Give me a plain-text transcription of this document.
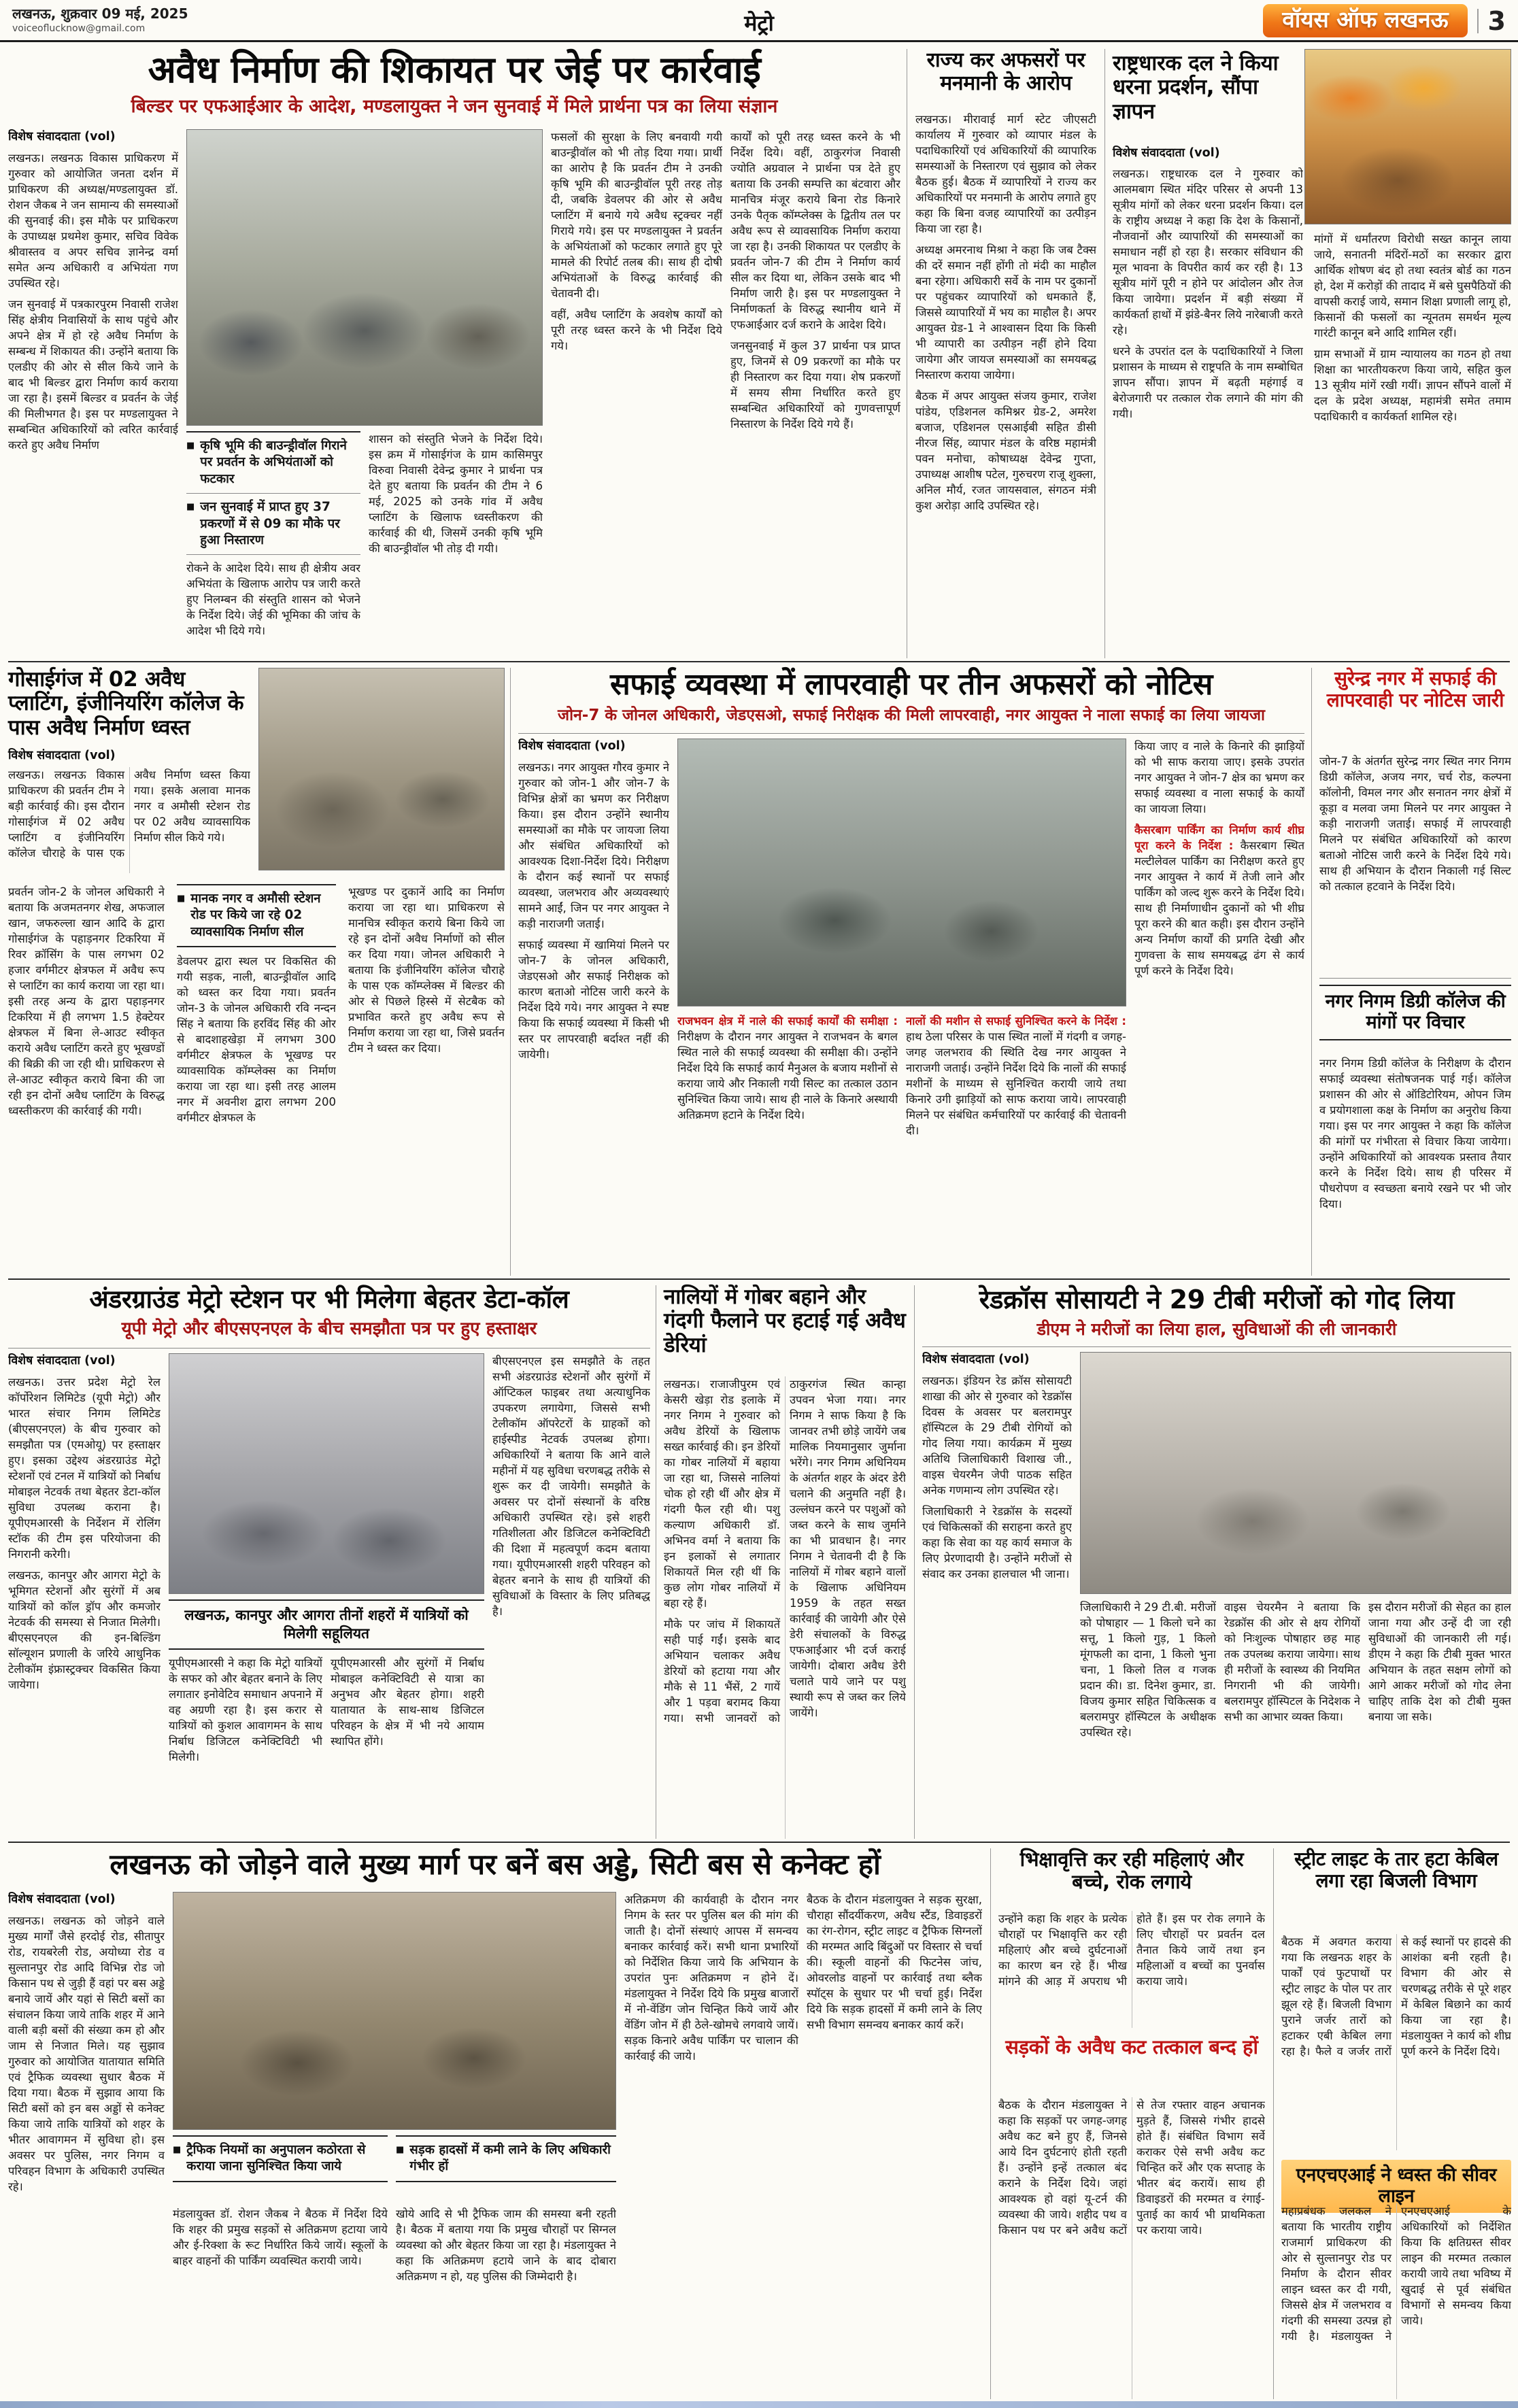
लखनऊ, शुक्रवार 09 मई, 2025
voiceoflucknow@gmail.com	मेट्रो	वॉयस ऑफ लखनऊ	3
अवैध निर्माण की शिकायत पर जेई पर कार्रवाई
बिल्डर पर एफआईआर के आदेश, मण्डलायुक्त ने जन सुनवाई में मिले प्रार्थना पत्र का लिया संज्ञान

विशेष संवाददाता (vol)

लखनऊ। लखनऊ विकास प्राधिकरण में गुरुवार को आयोजित जनता दर्शन में प्राधिकरण की अध्यक्ष/मण्डलायुक्त डॉ. रोशन जैकब ने जन सामान्य की समस्याओं की सुनवाई की। इस मौके पर प्राधिकरण के उपाध्यक्ष प्रथमेश कुमार, सचिव विवेक श्रीवास्तव व अपर सचिव ज्ञानेन्द्र वर्मा समेत अन्य अधिकारी व अभियंता गण उपस्थित रहे।

जन सुनवाई में पत्रकारपुरम निवासी राजेश सिंह क्षेत्रीय निवासियों के साथ पहुंचे और अपने क्षेत्र में हो रहे अवैध निर्माण के सम्बन्ध में शिकायत की। उन्होंने बताया कि एलडीए की ओर से सील किये जाने के बाद भी बिल्डर द्वारा निर्माण कार्य कराया जा रहा है। इसमें बिल्डर व प्रवर्तन के जेई की मिलीभगत है। इस पर मण्डलायुक्त ने सम्बन्धित अधिकारियों को त्वरित कार्रवाई करते हुए अवैध निर्माण	■ कृषि भूमि की बाउन्ड्रीवॉल गिराने पर प्रवर्तन के अभियंताओं को फटकार
■ जन सुनवाई में प्राप्त हुए 37 प्रकरणों में से 09 का मौके पर हुआ निस्तारण

रोकने के आदेश दिये। साथ ही क्षेत्रीय अवर अभियंता के खिलाफ आरोप पत्र जारी करते हुए निलम्बन की संस्तुति शासन को भेजने के निर्देश दिये। जेई की भूमिका की जांच के आदेश भी दिये गये।

शासन को संस्तुति भेजने के निर्देश दिये। इस क्रम में गोसाईगंज के ग्राम कासिमपुर विरुवा निवासी देवेन्द्र कुमार ने प्रार्थना पत्र देते हुए बताया कि प्रवर्तन की टीम ने 6 मई, 2025 को उनके गांव में अवैध प्लाटिंग के खिलाफ ध्वस्तीकरण की कार्रवाई की थी, जिसमें उनकी कृषि भूमि की बाउन्ड्रीवॉल भी तोड़ दी गयी।

फसलों की सुरक्षा के लिए बनवायी गयी बाउन्ड्रीवॉल को भी तोड़ दिया गया। प्रार्थी का आरोप है कि प्रवर्तन टीम ने उनकी कृषि भूमि की बाउन्ड्रीवॉल पूरी तरह तोड़ दी, जबकि डेवलपर की ओर से अवैध प्लाटिंग में बनाये गये अवैध स्ट्रक्चर नहीं गिराये गये। इस पर मण्डलायुक्त ने प्रवर्तन के अभियंताओं को फटकार लगाते हुए पूरे मामले की रिपोर्ट तलब की। साथ ही दोषी अभियंताओं के विरुद्ध कार्रवाई की चेतावनी दी।

वहीं, अवैध प्लाटिंग के अवशेष कार्यों को पूरी तरह ध्वस्त करने के भी निर्देश दिये गये।

कार्यों को पूरी तरह ध्वस्त करने के भी निर्देश दिये। वहीं, ठाकुरगंज निवासी ज्योति अग्रवाल ने प्रार्थना पत्र देते हुए बताया कि उनकी सम्पत्ति का बंटवारा और मानचित्र मंजूर कराये बिना रोड किनारे उनके पैतृक कॉम्प्लेक्स के द्वितीय तल पर अवैध रूप से व्यावसायिक निर्माण कराया जा रहा है। उनकी शिकायत पर एलडीए के प्रवर्तन जोन-7 की टीम ने निर्माण कार्य सील कर दिया था, लेकिन उसके बाद भी निर्माण जारी है। इस पर मण्डलायुक्त ने निर्माणकर्ता के विरुद्ध स्थानीय थाने में एफआईआर दर्ज कराने के आदेश दिये।

जनसुनवाई में कुल 37 प्रार्थना पत्र प्राप्त हुए, जिनमें से 09 प्रकरणों का मौके पर ही निस्तारण कर दिया गया। शेष प्रकरणों में समय सीमा निर्धारित करते हुए सम्बन्धित अधिकारियों को गुणवत्तापूर्ण निस्तारण के निर्देश दिये गये हैं।

राज्य कर अफसरों पर मनमानी के आरोप

लखनऊ। मीरावाई मार्ग स्टेट जीएसटी कार्यालय में गुरुवार को व्यापार मंडल के पदाधिकारियों एवं अधिकारियों की व्यापारिक समस्याओं के निस्तारण एवं सुझाव को लेकर बैठक हुई। बैठक में व्यापारियों ने राज्य कर अधिकारियों पर मनमानी के आरोप लगाते हुए कहा कि बिना वजह व्यापारियों का उत्पीड़न किया जा रहा है।

अध्यक्ष अमरनाथ मिश्रा ने कहा कि जब टैक्स की दरें समान नहीं होंगी तो मंदी का माहौल बना रहेगा। अधिकारी सर्वे के नाम पर दुकानों पर पहुंचकर व्यापारियों को धमकाते हैं, जिससे व्यापारियों में भय का माहौल है। अपर आयुक्त ग्रेड-1 ने आश्वासन दिया कि किसी भी व्यापारी का उत्पीड़न नहीं होने दिया जायेगा और जायज समस्याओं का समयबद्ध निस्तारण कराया जायेगा।

बैठक में अपर आयुक्त संजय कुमार, राजेश पांडेय, एडिशनल कमिश्नर ग्रेड-2, अमरेश बजाज, एडिशनल एसआईबी सहित डीसी नीरज सिंह, व्यापार मंडल के वरिष्ठ महामंत्री पवन मनोचा, कोषाध्यक्ष देवेन्द्र गुप्ता, उपाध्यक्ष आशीष पटेल, गुरुचरण राजू शुक्ला, अनिल मौर्य, रजत जायसवाल, संगठन मंत्री कुश अरोड़ा आदि उपस्थित रहे।

राष्ट्रधारक दल ने किया धरना प्रदर्शन, सौंपा ज्ञापन
विशेष संवाददाता (vol)

लखनऊ। राष्ट्रधारक दल ने गुरुवार को आलमबाग स्थित मंदिर परिसर से अपनी 13 सूत्रीय मांगों को लेकर धरना प्रदर्शन किया। दल के राष्ट्रीय अध्यक्ष ने कहा कि देश के किसानों, नौजवानों और व्यापारियों की समस्याओं का समाधान नहीं हो रहा है। सरकार संविधान की मूल भावना के विपरीत कार्य कर रही है। 13 सूत्रीय मांगें पूरी न होने पर आंदोलन और तेज किया जायेगा। प्रदर्शन में बड़ी संख्या में कार्यकर्ता हाथों में झंडे-बैनर लिये नारेबाजी करते रहे।

धरने के उपरांत दल के पदाधिकारियों ने जिला प्रशासन के माध्यम से राष्ट्रपति के नाम सम्बोधित ज्ञापन सौंपा। ज्ञापन में बढ़ती महंगाई व बेरोजगारी पर तत्काल रोक लगाने की मांग की गयी।

मांगों में धर्मांतरण विरोधी सख्त कानून लाया जाये, सनातनी मंदिरों-मठों का सरकार द्वारा आर्थिक शोषण बंद हो तथा स्वतंत्र बोर्ड का गठन हो, देश में करोड़ों की तादाद में बसे घुसपैठियों की वापसी कराई जाये, समान शिक्षा प्रणाली लागू हो, किसानों की फसलों का न्यूनतम समर्थन मूल्य गारंटी कानून बने आदि शामिल रहीं।

ग्राम सभाओं में ग्राम न्यायालय का गठन हो तथा शिक्षा का भारतीयकरण किया जाये, सहित कुल 13 सूत्रीय मांगें रखी गयीं। ज्ञापन सौंपने वालों में दल के प्रदेश अध्यक्ष, महामंत्री समेत तमाम पदाधिकारी व कार्यकर्ता शामिल रहे।

गोसाईगंज में 02 अवैध प्लाटिंग, इंजीनियरिंग कॉलेज के पास अवैध निर्माण ध्वस्त
विशेष संवाददाता (vol)

लखनऊ। लखनऊ विकास प्राधिकरण की प्रवर्तन टीम ने बड़ी कार्रवाई की। इस दौरान गोसाईगंज में 02 अवैध प्लाटिंग व इंजीनियरिंग कॉलेज चौराहे के पास एक अवैध निर्माण ध्वस्त किया गया। इसके अलावा मानक नगर व अमौसी स्टेशन रोड पर 02 अवैध व्यावसायिक निर्माण सील किये गये।

प्रवर्तन जोन-2 के जोनल अधिकारी ने बताया कि अजमतनगर शेख, अफजाल खान, जफरुल्ला खान आदि के द्वारा गोसाईगंज के पहाड़नगर टिकरिया में रिवर क्रॉसिंग के पास लगभग 02 हजार वर्गमीटर क्षेत्रफल में अवैध रूप से प्लाटिंग का कार्य कराया जा रहा था। इसी तरह अन्य के द्वारा पहाड़नगर टिकरिया में ही लगभग 1.5 हेक्टेयर क्षेत्रफल में बिना ले-आउट स्वीकृत कराये अवैध प्लाटिंग करते हुए भूखण्डों की बिक्री की जा रही थी। प्राधिकरण से ले-आउट स्वीकृत कराये बिना की जा रही इन दोनों अवैध प्लाटिंग के विरुद्ध ध्वस्तीकरण की कार्रवाई की गयी।

■ मानक नगर व अमौसी स्टेशन रोड पर किये जा रहे 02 व्यावसायिक निर्माण सील

डेवलपर द्वारा स्थल पर विकसित की गयी सड़क, नाली, बाउन्ड्रीवॉल आदि को ध्वस्त कर दिया गया। प्रवर्तन जोन-3 के जोनल अधिकारी रवि नन्दन सिंह ने बताया कि हरविंद सिंह की ओर से बादशाहखेड़ा में लगभग 300 वर्गमीटर क्षेत्रफल के भूखण्ड पर व्यावसायिक कॉम्प्लेक्स का निर्माण कराया जा रहा था। इसी तरह आलम नगर में अवनीश द्वारा लगभग 200 वर्गमीटर क्षेत्रफल के

भूखण्ड पर दुकानें आदि का निर्माण कराया जा रहा था। प्राधिकरण से मानचित्र स्वीकृत कराये बिना किये जा रहे इन दोनों अवैध निर्माणों को सील कर दिया गया। जोनल अधिकारी ने बताया कि इंजीनियरिंग कॉलेज चौराहे के पास एक कॉम्प्लेक्स में बिल्डर की ओर से पिछले हिस्से में सेटबैक को प्रभावित करते हुए अवैध रूप से निर्माण कराया जा रहा था, जिसे प्रवर्तन टीम ने ध्वस्त कर दिया।

सफाई व्यवस्था में लापरवाही पर तीन अफसरों को नोटिस
जोन-7 के जोनल अधिकारी, जेडएसओ, सफाई निरीक्षक की मिली लापरवाही, नगर आयुक्त ने नाला सफाई का लिया जायजा

विशेष संवाददाता (vol)

लखनऊ। नगर आयुक्त गौरव कुमार ने गुरुवार को जोन-1 और जोन-7 के विभिन्न क्षेत्रों का भ्रमण कर निरीक्षण किया। इस दौरान उन्होंने स्थानीय समस्याओं का मौके पर जायजा लिया और संबंधित अधिकारियों को आवश्यक दिशा-निर्देश दिये। निरीक्षण के दौरान कई स्थानों पर सफाई व्यवस्था, जलभराव और अव्यवस्थाएं सामने आईं, जिन पर नगर आयुक्त ने कड़ी नाराजगी जताई।

सफाई व्यवस्था में खामियां मिलने पर जोन-7 के जोनल अधिकारी, जेडएसओ और सफाई निरीक्षक को कारण बताओ नोटिस जारी करने के निर्देश दिये गये। नगर आयुक्त ने स्पष्ट किया कि सफाई व्यवस्था में किसी भी स्तर पर लापरवाही बर्दाश्त नहीं की जायेगी।

राजभवन क्षेत्र में नाले की सफाई कार्यों की समीक्षा : निरीक्षण के दौरान नगर आयुक्त ने राजभवन के बगल स्थित नाले की सफाई व्यवस्था की समीक्षा की। उन्होंने निर्देश दिये कि सफाई कार्य मैनुअल के बजाय मशीनों से कराया जाये और निकाली गयी सिल्ट का तत्काल उठान सुनिश्चित किया जाये। साथ ही नाले के किनारे अस्थायी अतिक्रमण हटाने के निर्देश दिये।

नालों की मशीन से सफाई सुनिश्चित करने के निर्देश : हाथ ठेला परिसर के पास स्थित नालों में गंदगी व जगह-जगह जलभराव की स्थिति देख नगर आयुक्त ने नाराजगी जताई। उन्होंने निर्देश दिये कि नालों की सफाई मशीनों के माध्यम से सुनिश्चित करायी जाये तथा किनारे उगी झाड़ियों को साफ कराया जाये। लापरवाही मिलने पर संबंधित कर्मचारियों पर कार्रवाई की चेतावनी दी।

किया जाए व नाले के किनारे की झाड़ियों को भी साफ कराया जाए। इसके उपरांत नगर आयुक्त ने जोन-7 क्षेत्र का भ्रमण कर सफाई व्यवस्था व नाला सफाई के कार्यों का जायजा लिया।

कैसरबाग पार्किंग का निर्माण कार्य शीघ्र पूरा करने के निर्देश : कैसरबाग स्थित मल्टीलेवल पार्किंग का निरीक्षण करते हुए नगर आयुक्त ने कार्य में तेजी लाने और पार्किंग को जल्द शुरू करने के निर्देश दिये। साथ ही निर्माणाधीन दुकानों को भी शीघ्र पूरा करने की बात कही। इस दौरान उन्होंने अन्य निर्माण कार्यों की प्रगति देखी और गुणवत्ता के साथ समयबद्ध ढंग से कार्य पूर्ण करने के निर्देश दिये।

सुरेन्द्र नगर में सफाई की लापरवाही पर नोटिस जारी

जोन-7 के अंतर्गत सुरेन्द्र नगर स्थित नगर निगम डिग्री कॉलेज, अजय नगर, चर्च रोड, कल्पना कॉलोनी, विमल नगर और सनातन नगर क्षेत्रों में कूड़ा व मलवा जमा मिलने पर नगर आयुक्त ने कड़ी नाराजगी जताई। सफाई में लापरवाही मिलने पर संबंधित अधिकारियों को कारण बताओ नोटिस जारी करने के निर्देश दिये गये। साथ ही अभियान के दौरान निकाली गई सिल्ट को तत्काल हटवाने के निर्देश दिये।

नगर निगम डिग्री कॉलेज की मांगों पर विचार

नगर निगम डिग्री कॉलेज के निरीक्षण के दौरान सफाई व्यवस्था संतोषजनक पाई गई। कॉलेज प्रशासन की ओर से ऑडिटोरियम, ओपन जिम व प्रयोगशाला कक्ष के निर्माण का अनुरोध किया गया। इस पर नगर आयुक्त ने कहा कि कॉलेज की मांगों पर गंभीरता से विचार किया जायेगा। उन्होंने अधिकारियों को आवश्यक प्रस्ताव तैयार करने के निर्देश दिये। साथ ही परिसर में पौधरोपण व स्वच्छता बनाये रखने पर भी जोर दिया।

अंडरग्राउंड मेट्रो स्टेशन पर भी मिलेगा बेहतर डेटा-कॉल
यूपी मेट्रो और बीएसएनएल के बीच समझौता पत्र पर हुए हस्ताक्षर

विशेष संवाददाता (vol)

लखनऊ। उत्तर प्रदेश मेट्रो रेल कॉर्पोरेशन लिमिटेड (यूपी मेट्रो) और भारत संचार निगम लिमिटेड (बीएसएनएल) के बीच गुरुवार को समझौता पत्र (एमओयू) पर हस्ताक्षर हुए। इसका उद्देश्य अंडरग्राउंड मेट्रो स्टेशनों एवं टनल में यात्रियों को निर्बाध मोबाइल नेटवर्क तथा बेहतर डेटा-कॉल सुविधा उपलब्ध कराना है। यूपीएमआरसी के निर्देशन में रोलिंग स्टॉक की टीम इस परियोजना की निगरानी करेगी।

लखनऊ, कानपुर और आगरा मेट्रो के भूमिगत स्टेशनों और सुरंगों में अब यात्रियों को कॉल ड्रॉप और कमजोर नेटवर्क की समस्या से निजात मिलेगी। बीएसएनएल की इन-बिल्डिंग सॉल्यूशन प्रणाली के जरिये आधुनिक टेलीकॉम इंफ्रास्ट्रक्चर विकसित किया जायेगा।

लखनऊ, कानपुर और आगरा तीनों शहरों में यात्रियों को मिलेगी सहूलियत

यूपीएमआरसी ने कहा कि मेट्रो यात्रियों के सफर को और बेहतर बनाने के लिए लगातार इनोवेटिव समाधान अपनाने में वह अग्रणी रहा है। इस करार से यात्रियों को कुशल आवागमन के साथ निर्बाध डिजिटल कनेक्टिविटी भी मिलेगी।

यूपीएमआरसी और सुरंगों में निर्बाध मोबाइल कनेक्टिविटी से यात्रा का अनुभव और बेहतर होगा। शहरी यातायात के साथ-साथ डिजिटल परिवहन के क्षेत्र में भी नये आयाम स्थापित होंगे।

बीएसएनएल इस समझौते के तहत सभी अंडरग्राउंड स्टेशनों और सुरंगों में ऑप्टिकल फाइबर तथा अत्याधुनिक उपकरण लगायेगा, जिससे सभी टेलीकॉम ऑपरेटरों के ग्राहकों को हाईस्पीड नेटवर्क उपलब्ध होगा। अधिकारियों ने बताया कि आने वाले महीनों में यह सुविधा चरणबद्ध तरीके से शुरू कर दी जायेगी। समझौते के अवसर पर दोनों संस्थानों के वरिष्ठ अधिकारी उपस्थित रहे। इसे शहरी गतिशीलता और डिजिटल कनेक्टिविटी की दिशा में महत्वपूर्ण कदम बताया गया। यूपीएमआरसी शहरी परिवहन को बेहतर बनाने के साथ ही यात्रियों की सुविधाओं के विस्तार के लिए प्रतिबद्ध है।

नालियों में गोबर बहाने और गंदगी फैलाने पर हटाई गई अवैध डेरियां

लखनऊ। राजाजीपुरम एवं केसरी खेड़ा रोड इलाके में नगर निगम ने गुरुवार को अवैध डेरियों के खिलाफ सख्त कार्रवाई की। इन डेरियों का गोबर नालियों में बहाया जा रहा था, जिससे नालियां चोक हो रही थीं और क्षेत्र में गंदगी फैल रही थी। पशु कल्याण अधिकारी डॉ. अभिनव वर्मा ने बताया कि इन इलाकों से लगातार शिकायतें मिल रही थीं कि कुछ लोग गोबर नालियों में बहा रहे हैं।

मौके पर जांच में शिकायतें सही पाई गईं। इसके बाद अभियान चलाकर अवैध डेरियों को हटाया गया और मौके से 11 भैंसें, 2 गायें और 1 पड़वा बरामद किया गया। सभी जानवरों को ठाकुरगंज स्थित कान्हा उपवन भेजा गया। नगर निगम ने साफ किया है कि जानवर तभी छोड़े जायेंगे जब मालिक नियमानुसार जुर्माना भरेंगे। नगर निगम अधिनियम के अंतर्गत शहर के अंदर डेरी चलाने की अनुमति नहीं है। उल्लंघन करने पर पशुओं को जब्त करने के साथ जुर्माने का भी प्रावधान है। नगर निगम ने चेतावनी दी है कि नालियों में गोबर बहाने वालों के खिलाफ अधिनियम 1959 के तहत सख्त कार्रवाई की जायेगी और ऐसे डेरी संचालकों के विरुद्ध एफआईआर भी दर्ज कराई जायेगी। दोबारा अवैध डेरी चलाते पाये जाने पर पशु स्थायी रूप से जब्त कर लिये जायेंगे।

रेडक्रॉस सोसायटी ने 29 टीबी मरीजों को गोद लिया
डीएम ने मरीजों का लिया हाल, सुविधाओं की ली जानकारी

विशेष संवाददाता (vol)

लखनऊ। इंडियन रेड क्रॉस सोसायटी शाखा की ओर से गुरुवार को रेडक्रॉस दिवस के अवसर पर बलरामपुर हॉस्पिटल के 29 टीबी रोगियों को गोद लिया गया। कार्यक्रम में मुख्य अतिथि जिलाधिकारी विशाख जी., वाइस चेयरमैन जेपी पाठक सहित अनेक गणमान्य लोग उपस्थित रहे।

जिलाधिकारी ने रेडक्रॉस के सदस्यों एवं चिकित्सकों की सराहना करते हुए कहा कि सेवा का यह कार्य समाज के लिए प्रेरणादायी है। उन्होंने मरीजों से संवाद कर उनका हालचाल भी जाना।

जिलाधिकारी ने 29 टी.बी. मरीजों को पोषाहार — 1 किलो चने का सत्तू, 1 किलो गुड़, 1 किलो मूंगफली का दाना, 1 किलो भुना चना, 1 किलो तिल व गजक प्रदान की। डा. दिनेश कुमार, डा. विजय कुमार सहित चिकित्सक व बलरामपुर हॉस्पिटल के अधीक्षक उपस्थित रहे।

वाइस चेयरमैन ने बताया कि रेडक्रॉस की ओर से क्षय रोगियों को निःशुल्क पोषाहार छह माह तक उपलब्ध कराया जायेगा। साथ ही मरीजों के स्वास्थ्य की नियमित निगरानी भी की जायेगी। बलरामपुर हॉस्पिटल के निदेशक ने सभी का आभार व्यक्त किया।

इस दौरान मरीजों की सेहत का हाल जाना गया और उन्हें दी जा रही सुविधाओं की जानकारी ली गई। डीएम ने कहा कि टीबी मुक्त भारत अभियान के तहत सक्षम लोगों को आगे आकर मरीजों को गोद लेना चाहिए ताकि देश को टीबी मुक्त बनाया जा सके।

लखनऊ को जोड़ने वाले मुख्य मार्ग पर बनें बस अड्डे, सिटी बस से कनेक्ट हों

विशेष संवाददाता (vol)

लखनऊ। लखनऊ को जोड़ने वाले मुख्य मार्गों जैसे हरदोई रोड, सीतापुर रोड, रायबरेली रोड, अयोध्या रोड व सुल्तानपुर रोड आदि विभिन्न रोड जो किसान पथ से जुड़ी हैं वहां पर बस अड्डे बनाये जायें और यहां से सिटी बसों का संचालन किया जाये ताकि शहर में आने वाली बड़ी बसों की संख्या कम हो और जाम से निजात मिले। यह सुझाव गुरुवार को आयोजित यातायात समिति एवं ट्रैफिक व्यवस्था सुधार बैठक में दिया गया। बैठक में सुझाव आया कि सिटी बसों को इन बस अड्डों से कनेक्ट किया जाये ताकि यात्रियों को शहर के भीतर आवागमन में सुविधा हो। इस अवसर पर पुलिस, नगर निगम व परिवहन विभाग के अधिकारी उपस्थित रहे।

■ ट्रैफिक नियमों का अनुपालन कठोरता से कराया जाना सुनिश्चित किया जाये
■ सड़क हादसों में कमी लाने के लिए अधिकारी गंभीर हों

मंडलायुक्त डॉ. रोशन जैकब ने बैठक में निर्देश दिये कि शहर की प्रमुख सड़कों से अतिक्रमण हटाया जाये और ई-रिक्शा के रूट निर्धारित किये जायें। स्कूलों के बाहर वाहनों की पार्किंग व्यवस्थित करायी जाये।

खोये आदि से भी ट्रैफिक जाम की समस्या बनी रहती है। बैठक में बताया गया कि प्रमुख चौराहों पर सिग्नल व्यवस्था को और बेहतर किया जा रहा है। मंडलायुक्त ने कहा कि अतिक्रमण हटाये जाने के बाद दोबारा अतिक्रमण न हो, यह पुलिस की जिम्मेदारी है।

अतिक्रमण की कार्यवाही के दौरान नगर निगम के स्तर पर पुलिस बल की मांग की जाती है। दोनों संस्थाएं आपस में समन्वय बनाकर कार्रवाई करें। सभी थाना प्रभारियों को निर्देशित किया जाये कि अभियान के उपरांत पुनः अतिक्रमण न होने दें। मंडलायुक्त ने निर्देश दिये कि प्रमुख बाजारों में नो-वेंडिंग जोन चिन्हित किये जायें और वेंडिंग जोन में ही ठेले-खोमचे लगवाये जायें। सड़क किनारे अवैध पार्किंग पर चालान की कार्रवाई की जाये।

बैठक के दौरान मंडलायुक्त ने सड़क सुरक्षा, चौराहा सौंदर्यीकरण, अवैध स्टैंड, डिवाइडरों का रंग-रोगन, स्ट्रीट लाइट व ट्रैफिक सिग्नलों की मरम्मत आदि बिंदुओं पर विस्तार से चर्चा की। स्कूली वाहनों की फिटनेस जांच, ओवरलोड वाहनों पर कार्रवाई तथा ब्लैक स्पॉट्स के सुधार पर भी चर्चा हुई। निर्देश दिये कि सड़क हादसों में कमी लाने के लिए सभी विभाग समन्वय बनाकर कार्य करें।

भिक्षावृत्ति कर रही महिलाएं और बच्चे, रोक लगाये

उन्होंने कहा कि शहर के प्रत्येक चौराहों पर भिक्षावृत्ति कर रही महिलाएं और बच्चे दुर्घटनाओं का कारण बन रहे हैं। भीख मांगने की आड़ में अपराध भी होते हैं। इस पर रोक लगाने के लिए चौराहों पर प्रवर्तन दल तैनात किये जायें तथा इन महिलाओं व बच्चों का पुनर्वास कराया जाये।

सड़कों के अवैध कट तत्काल बन्द हों

बैठक के दौरान मंडलायुक्त ने कहा कि सड़कों पर जगह-जगह अवैध कट बने हुए हैं, जिनसे आये दिन दुर्घटनाएं होती रहती हैं। उन्होंने इन्हें तत्काल बंद कराने के निर्देश दिये। जहां आवश्यक हो वहां यू-टर्न की व्यवस्था की जाये। शहीद पथ व किसान पथ पर बने अवैध कटों से तेज रफ्तार वाहन अचानक मुड़ते हैं, जिससे गंभीर हादसे होते हैं। संबंधित विभाग सर्वे कराकर ऐसे सभी अवैध कट चिन्हित करें और एक सप्ताह के भीतर बंद करायें। साथ ही डिवाइडरों की मरम्मत व रंगाई-पुताई का कार्य भी प्राथमिकता पर कराया जाये।

स्ट्रीट लाइट के तार हटा केबिल लगा रहा बिजली विभाग

बैठक में अवगत कराया गया कि लखनऊ शहर के पार्कों एवं फुटपाथों पर स्ट्रीट लाइट के पोल पर तार झूल रहे हैं। बिजली विभाग पुराने जर्जर तारों को हटाकर एबी केबिल लगा रहा है। फैले व जर्जर तारों से कई स्थानों पर हादसे की आशंका बनी रहती है। विभाग की ओर से चरणबद्ध तरीके से पूरे शहर में केबिल बिछाने का कार्य किया जा रहा है। मंडलायुक्त ने कार्य को शीघ्र पूर्ण करने के निर्देश दिये।

एनएचएआई ने ध्वस्त की सीवर लाइन

महाप्रबंधक जलकल ने बताया कि भारतीय राष्ट्रीय राजमार्ग प्राधिकरण की ओर से सुल्तानपुर रोड पर निर्माण के दौरान सीवर लाइन ध्वस्त कर दी गयी, जिससे क्षेत्र में जलभराव व गंदगी की समस्या उत्पन्न हो गयी है। मंडलायुक्त ने एनएचएआई के अधिकारियों को निर्देशित किया कि क्षतिग्रस्त सीवर लाइन की मरम्मत तत्काल करायी जाये तथा भविष्य में खुदाई से पूर्व संबंधित विभागों से समन्वय किया जाये।
